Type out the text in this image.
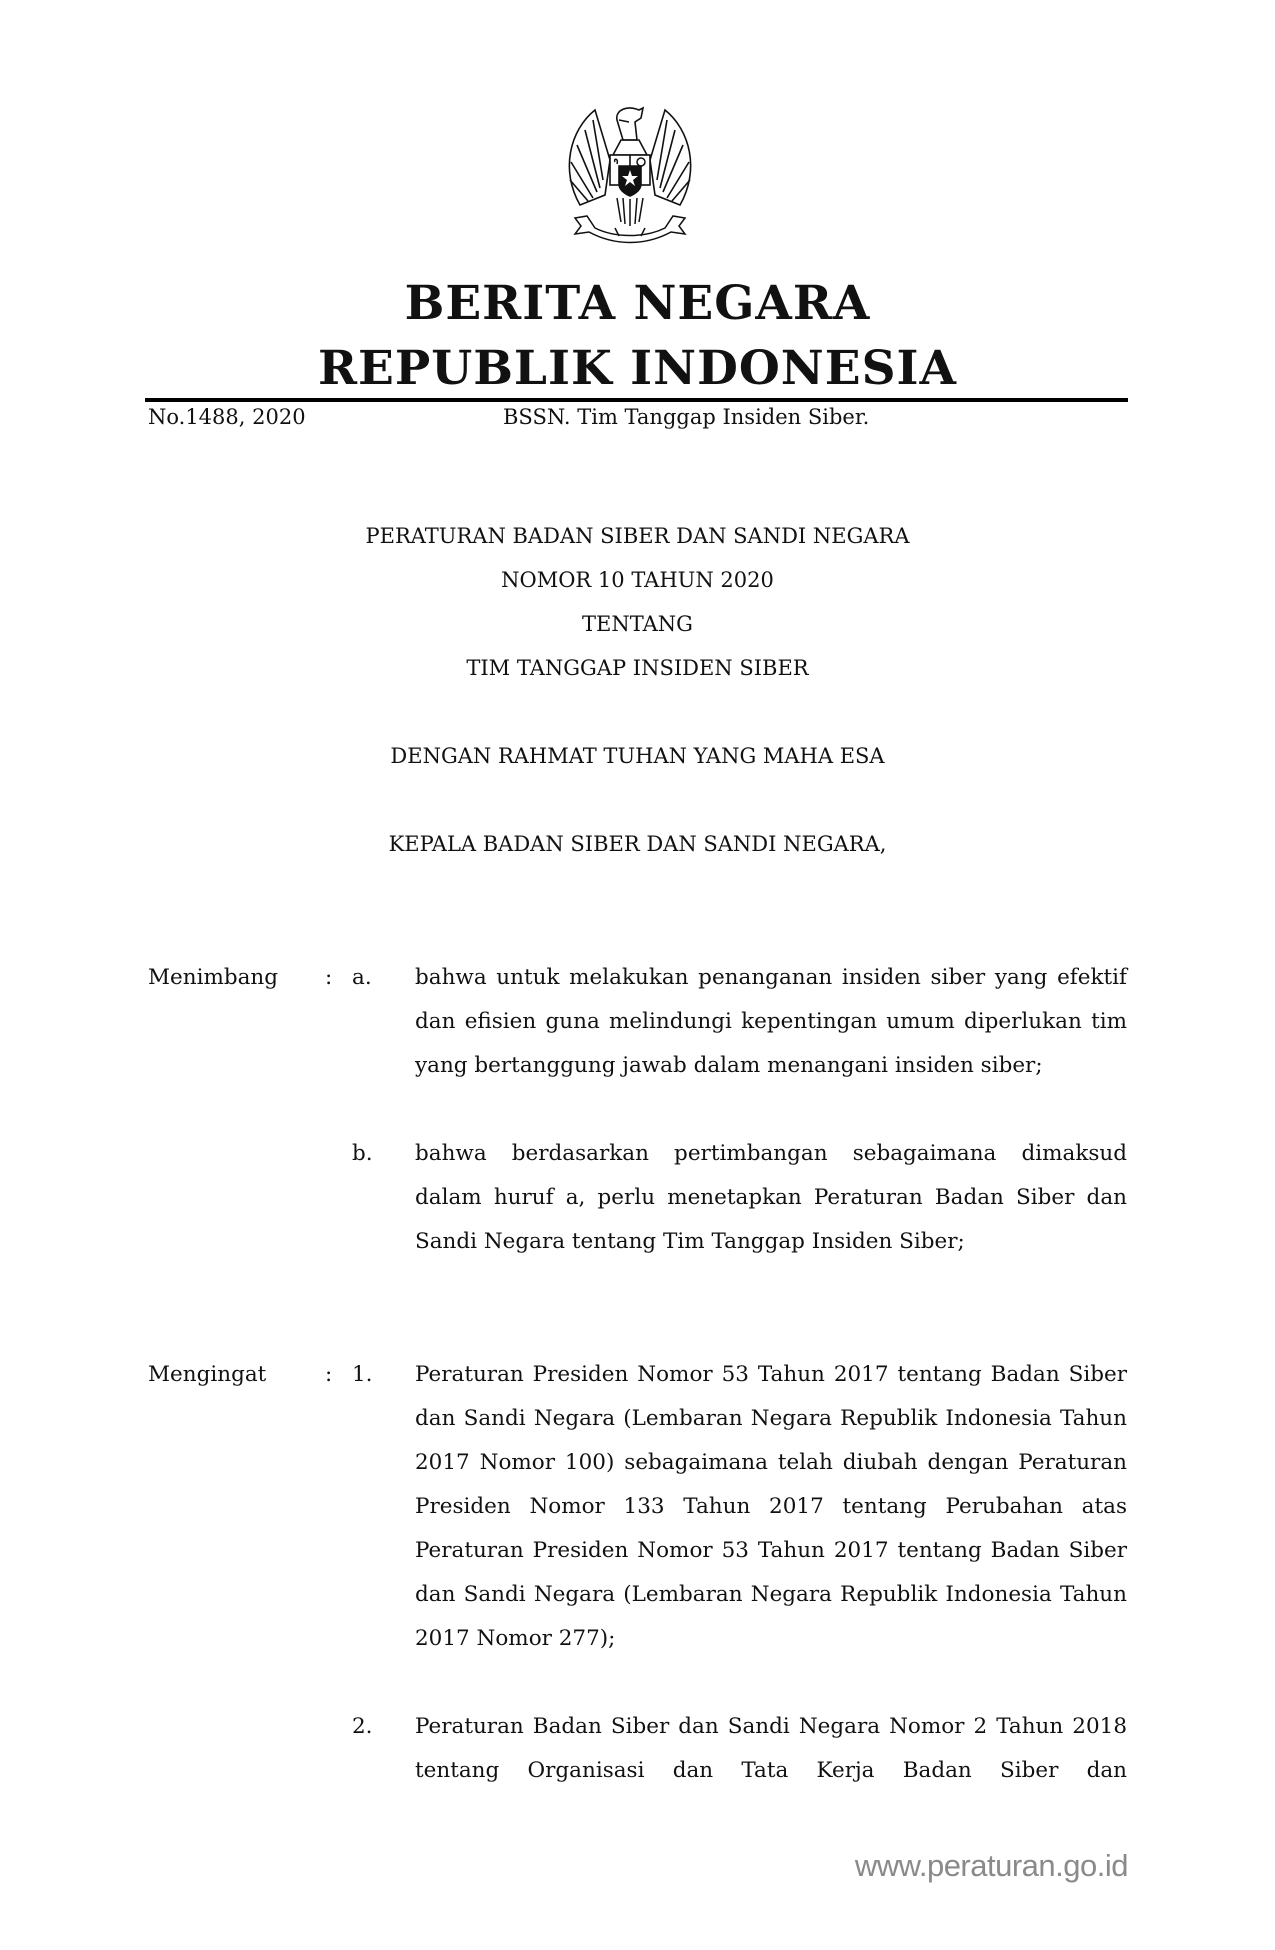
BERITA NEGARA
REPUBLIK INDONESIA
No.1488, 2020	BSSN. Tim Tanggap Insiden Siber.
PERATURAN BADAN SIBER DAN SANDI NEGARA
NOMOR 10 TAHUN 2020
TENTANG
TIM TANGGAP INSIDEN SIBER
DENGAN RAHMAT TUHAN YANG MAHA ESA
KEPALA BADAN SIBER DAN SANDI NEGARA,
Menimbang : a. bahwa untuk melakukan penanganan insiden siber yang efektif dan efisien guna melindungi kepentingan umum diperlukan tim yang bertanggung jawab dalam menangani insiden siber;
b. bahwa berdasarkan pertimbangan sebagaimana dimaksud dalam huruf a, perlu menetapkan Peraturan Badan Siber dan Sandi Negara tentang Tim Tanggap Insiden Siber;
Mengingat	: 1. Peraturan Presiden Nomor 53 Tahun 2017 tentang Badan Siber dan Sandi Negara (Lembaran Negara Republik Indonesia Tahun 2017 Nomor 100) sebagaimana telah diubah dengan Peraturan Presiden Nomor 133 Tahun 2017 tentang Perubahan atas Peraturan Presiden Nomor 53 Tahun 2017 tentang Badan Siber dan Sandi Negara (Lembaran Negara Republik Indonesia Tahun 2017 Nomor 277);
2. Peraturan Badan Siber dan Sandi Negara Nomor 2 Tahun 2018 tentang Organisasi dan Tata Kerja Badan Siber dan
www.peraturan.go.id
